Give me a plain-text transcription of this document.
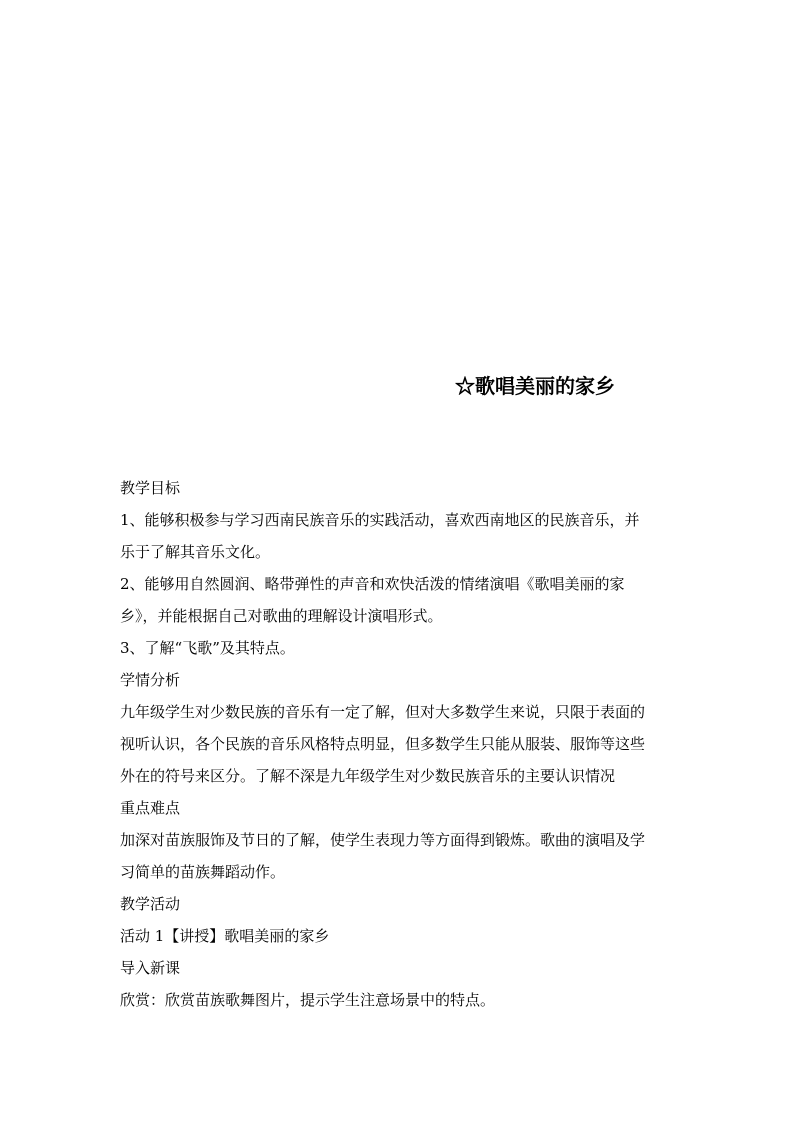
☆歌唱美丽的家乡
教学目标
1、能够积极参与学习西南民族音乐的实践活动，喜欢西南地区的民族音乐，并
乐于了解其音乐文化。
2、能够用自然圆润、略带弹性的声音和欢快活泼的情绪演唱《歌唱美丽的家
乡》，并能根据自己对歌曲的理解设计演唱形式。
3、了解“飞歌”及其特点。
学情分析
九年级学生对少数民族的音乐有一定了解，但对大多数学生来说，只限于表面的
视听认识，各个民族的音乐风格特点明显，但多数学生只能从服装、服饰等这些
外在的符号来区分。了解不深是九年级学生对少数民族音乐的主要认识情况
重点难点
加深对苗族服饰及节日的了解，使学生表现力等方面得到锻炼。歌曲的演唱及学
习简单的苗族舞蹈动作。
教学活动
活动 1【讲授】歌唱美丽的家乡
导入新课
欣赏：欣赏苗族歌舞图片，提示学生注意场景中的特点。
